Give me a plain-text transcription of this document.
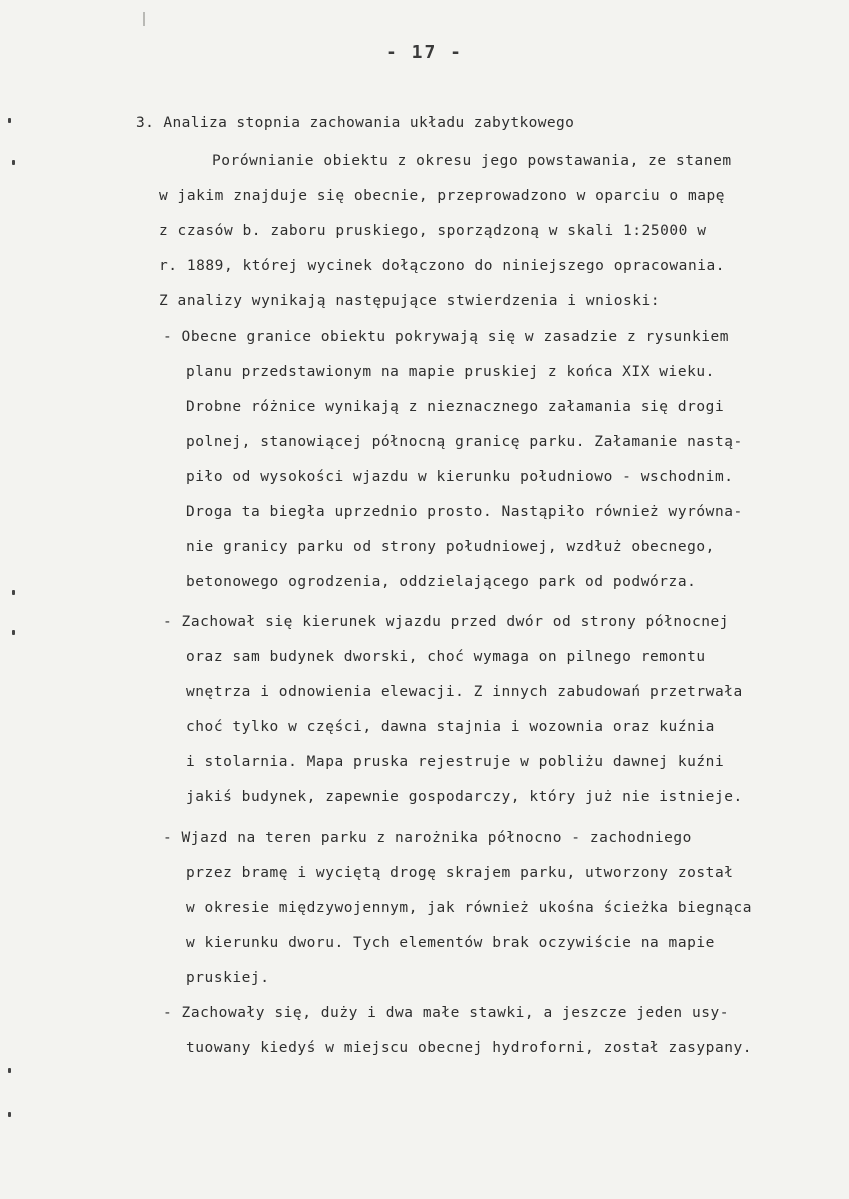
- 17 -
3. Analiza stopnia zachowania układu zabytkowego
Porównianie obiektu z okresu jego powstawania, ze stanem
w jakim znajduje się obecnie, przeprowadzono w oparciu o mapę
z czasów b. zaboru pruskiego, sporządzoną w skali 1:25000 w
r. 1889, której wycinek dołączono do niniejszego opracowania.
Z analizy wynikają następujące stwierdzenia i wnioski:
- Obecne granice obiektu pokrywają się w zasadzie z rysunkiem
planu przedstawionym na mapie pruskiej z końca XIX wieku.
Drobne różnice wynikają z nieznacznego załamania się drogi
polnej, stanowiącej północną granicę parku. Załamanie nastą-
piło od wysokości wjazdu w kierunku południowo - wschodnim.
Droga ta biegła uprzednio prosto. Nastąpiło również wyrówna-
nie granicy parku od strony południowej, wzdłuż obecnego,
betonowego ogrodzenia, oddzielającego park od podwórza.
- Zachował się kierunek wjazdu przed dwór od strony północnej
oraz sam budynek dworski, choć wymaga on pilnego remontu
wnętrza i odnowienia elewacji. Z innych zabudowań przetrwała
choć tylko w części, dawna stajnia i wozownia oraz kuźnia
i stolarnia. Mapa pruska rejestruje w pobliżu dawnej kuźni
jakiś budynek, zapewnie gospodarczy, który już nie istnieje.
- Wjazd na teren parku z narożnika północno - zachodniego
przez bramę i wyciętą drogę skrajem parku, utworzony został
w okresie międzywojennym, jak również ukośna ścieżka biegnąca
w kierunku dworu. Tych elementów brak oczywiście na mapie
pruskiej.
- Zachowały się, duży i dwa małe stawki, a jeszcze jeden usy-
tuowany kiedyś w miejscu obecnej hydroforni, został zasypany.
